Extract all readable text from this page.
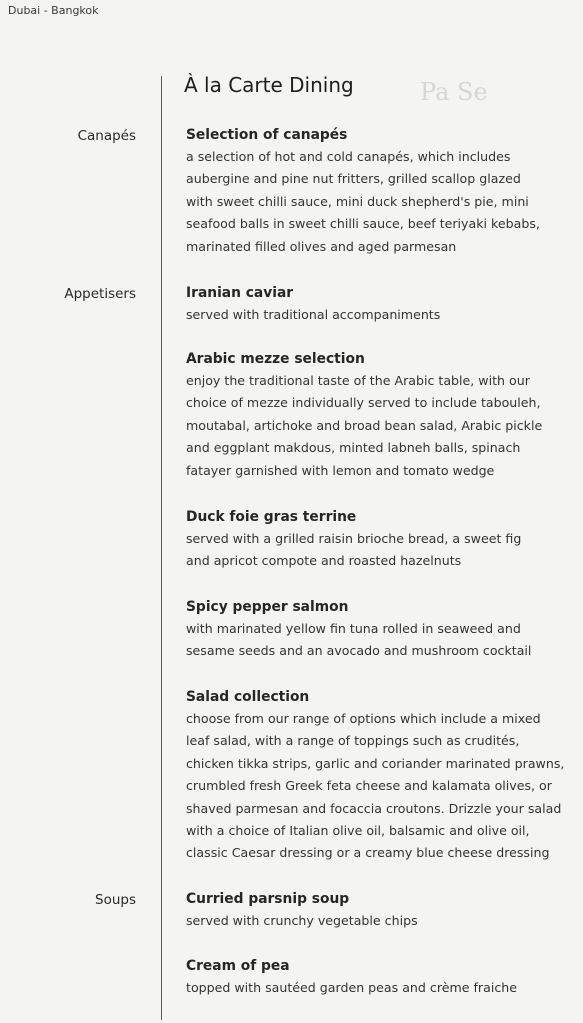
Dubai - Bangkok
Pa Se
À la Carte Dining
Canapés
Appetisers
Soups
Selection of canapés
a selection of hot and cold canapés, which includes
aubergine and pine nut fritters, grilled scallop glazed
with sweet chilli sauce, mini duck shepherd's pie, mini
seafood balls in sweet chilli sauce, beef teriyaki kebabs,
marinated filled olives and aged parmesan
Iranian caviar
served with traditional accompaniments
Arabic mezze selection
enjoy the traditional taste of the Arabic table, with our
choice of mezze individually served to include tabouleh,
moutabal, artichoke and broad bean salad, Arabic pickle
and eggplant makdous, minted labneh balls, spinach
fatayer garnished with lemon and tomato wedge
Duck foie gras terrine
served with a grilled raisin brioche bread, a sweet fig
and apricot compote and roasted hazelnuts
Spicy pepper salmon
with marinated yellow fin tuna rolled in seaweed and
sesame seeds and an avocado and mushroom cocktail
Salad collection
choose from our range of options which include a mixed
leaf salad, with a range of toppings such as crudités,
chicken tikka strips, garlic and coriander marinated prawns,
crumbled fresh Greek feta cheese and kalamata olives, or
shaved parmesan and focaccia croutons. Drizzle your salad
with a choice of Italian olive oil, balsamic and olive oil,
classic Caesar dressing or a creamy blue cheese dressing
Curried parsnip soup
served with crunchy vegetable chips
Cream of pea
topped with sautéed garden peas and crème fraiche
